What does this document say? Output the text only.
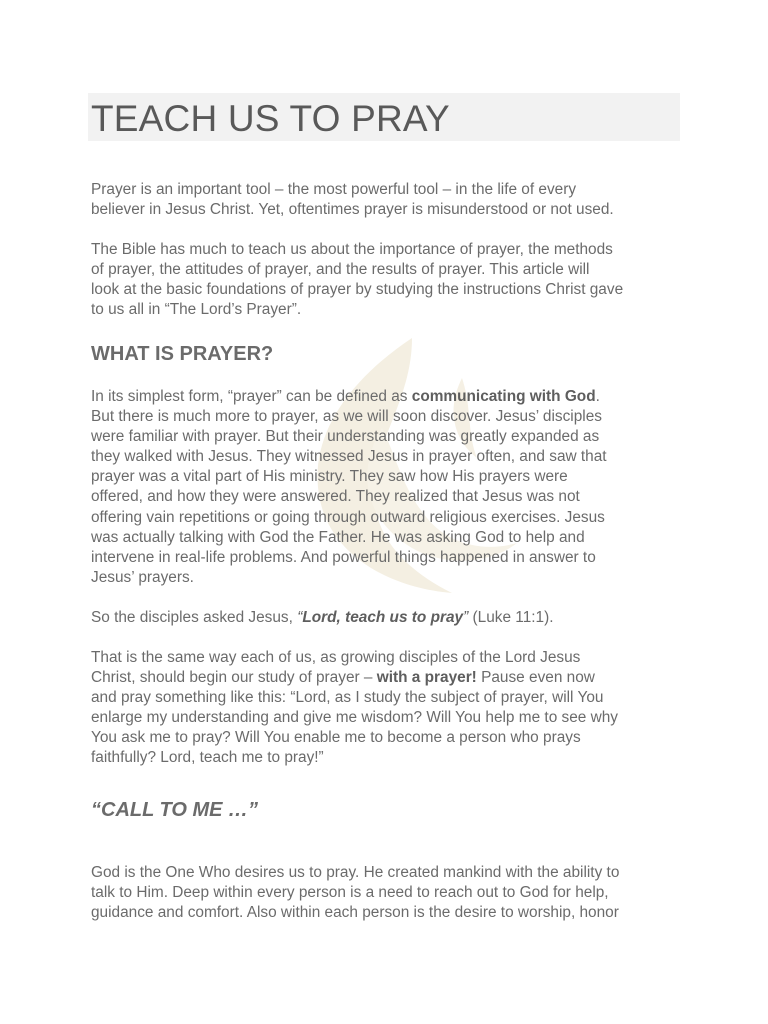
TEACH US TO PRAY

Prayer is an important tool – the most powerful tool – in the life of every
believer in Jesus Christ. Yet, oftentimes prayer is misunderstood or not used.

The Bible has much to teach us about the importance of prayer, the methods
of prayer, the attitudes of prayer, and the results of prayer. This article will
look at the basic foundations of prayer by studying the instructions Christ gave
to us all in “The Lord’s Prayer”.

WHAT IS PRAYER?

In its simplest form, “prayer” can be defined as communicating with God.
But there is much more to prayer, as we will soon discover. Jesus’ disciples
were familiar with prayer. But their understanding was greatly expanded as
they walked with Jesus. They witnessed Jesus in prayer often, and saw that
prayer was a vital part of His ministry. They saw how His prayers were
offered, and how they were answered. They realized that Jesus was not
offering vain repetitions or going through outward religious exercises. Jesus
was actually talking with God the Father. He was asking God to help and
intervene in real-life problems. And powerful things happened in answer to
Jesus’ prayers.

So the disciples asked Jesus, “Lord, teach us to pray” (Luke 11:1).

That is the same way each of us, as growing disciples of the Lord Jesus
Christ, should begin our study of prayer – with a prayer! Pause even now
and pray something like this: “Lord, as I study the subject of prayer, will You
enlarge my understanding and give me wisdom? Will You help me to see why
You ask me to pray? Will You enable me to become a person who prays
faithfully? Lord, teach me to pray!”

“CALL TO ME …”

God is the One Who desires us to pray. He created mankind with the ability to
talk to Him. Deep within every person is a need to reach out to God for help,
guidance and comfort. Also within each person is the desire to worship, honor
